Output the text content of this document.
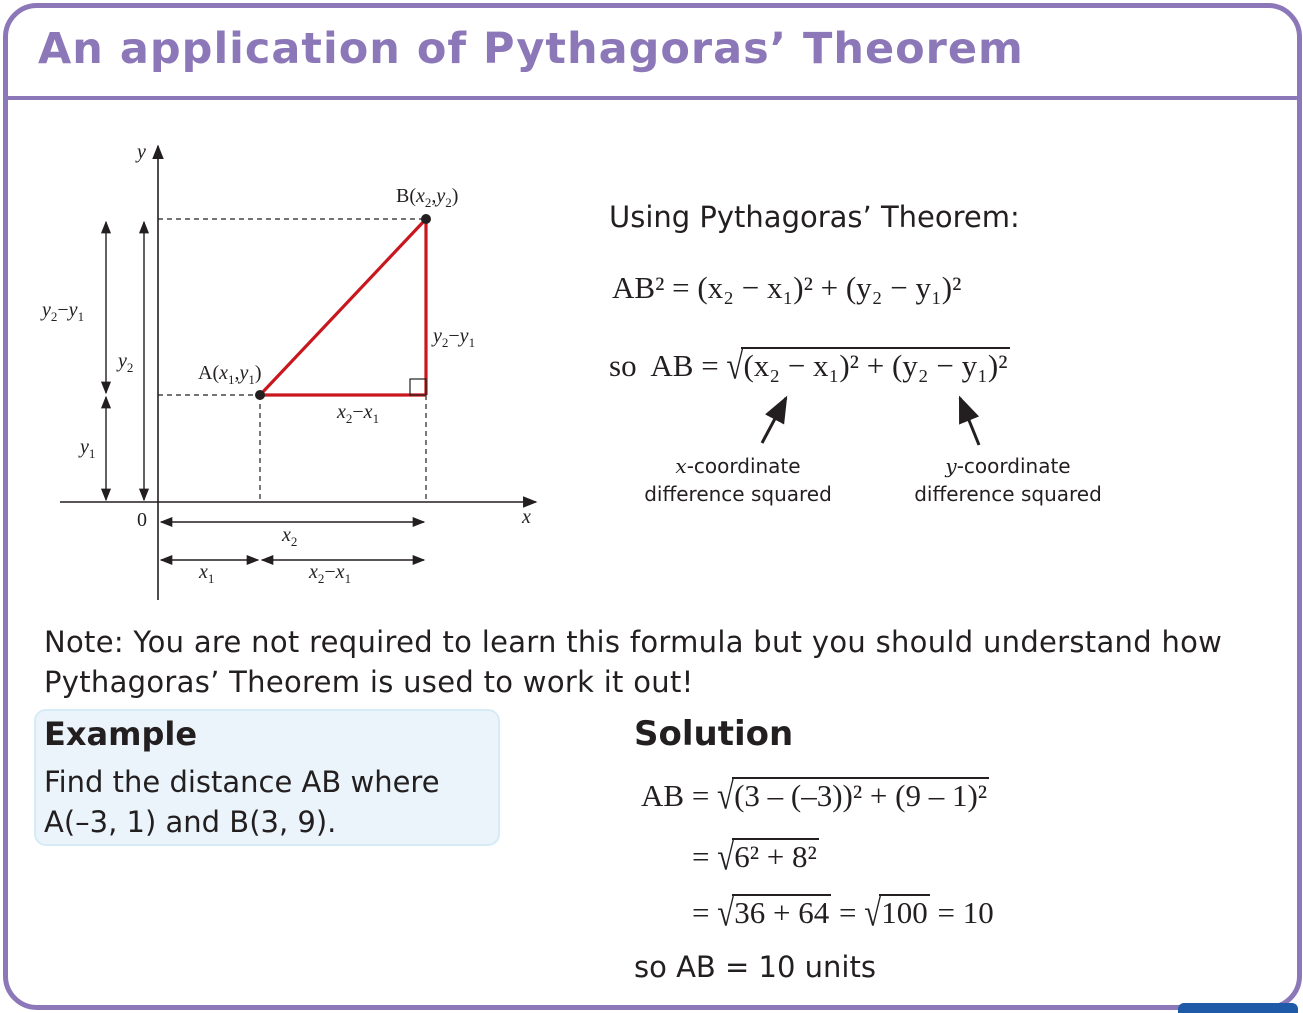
An application of Pythagoras’ Theorem
y
x
0
$B(x_2,y_2)$
$A(x_1,y_1)$
$y_2-y_1$
$x_2-x_1$
$y_2-y_1$
$y_2$
$y_1$
$x_2$
$x_1$	$x_2-x_1$
Using Pythagoras’ Theorem:
AB² = (x₂ − x₁)² + (y₂ − y₁)²
so AB = √(x₂ − x₁)² + (y₂ − y₁)²
x-coordinate
difference squared
y-coordinate
difference squared
Note: You are not required to learn this formula but you should understand how Pythagoras’ Theorem is used to work it out!
Example
Find the distance AB where A(–3, 1) and B(3, 9).
Solution
AB = √(3 – (–3))² + (9 – 1)²
= √6² + 8²
= √36 + 64 = √100 = 10
so AB = 10 units
